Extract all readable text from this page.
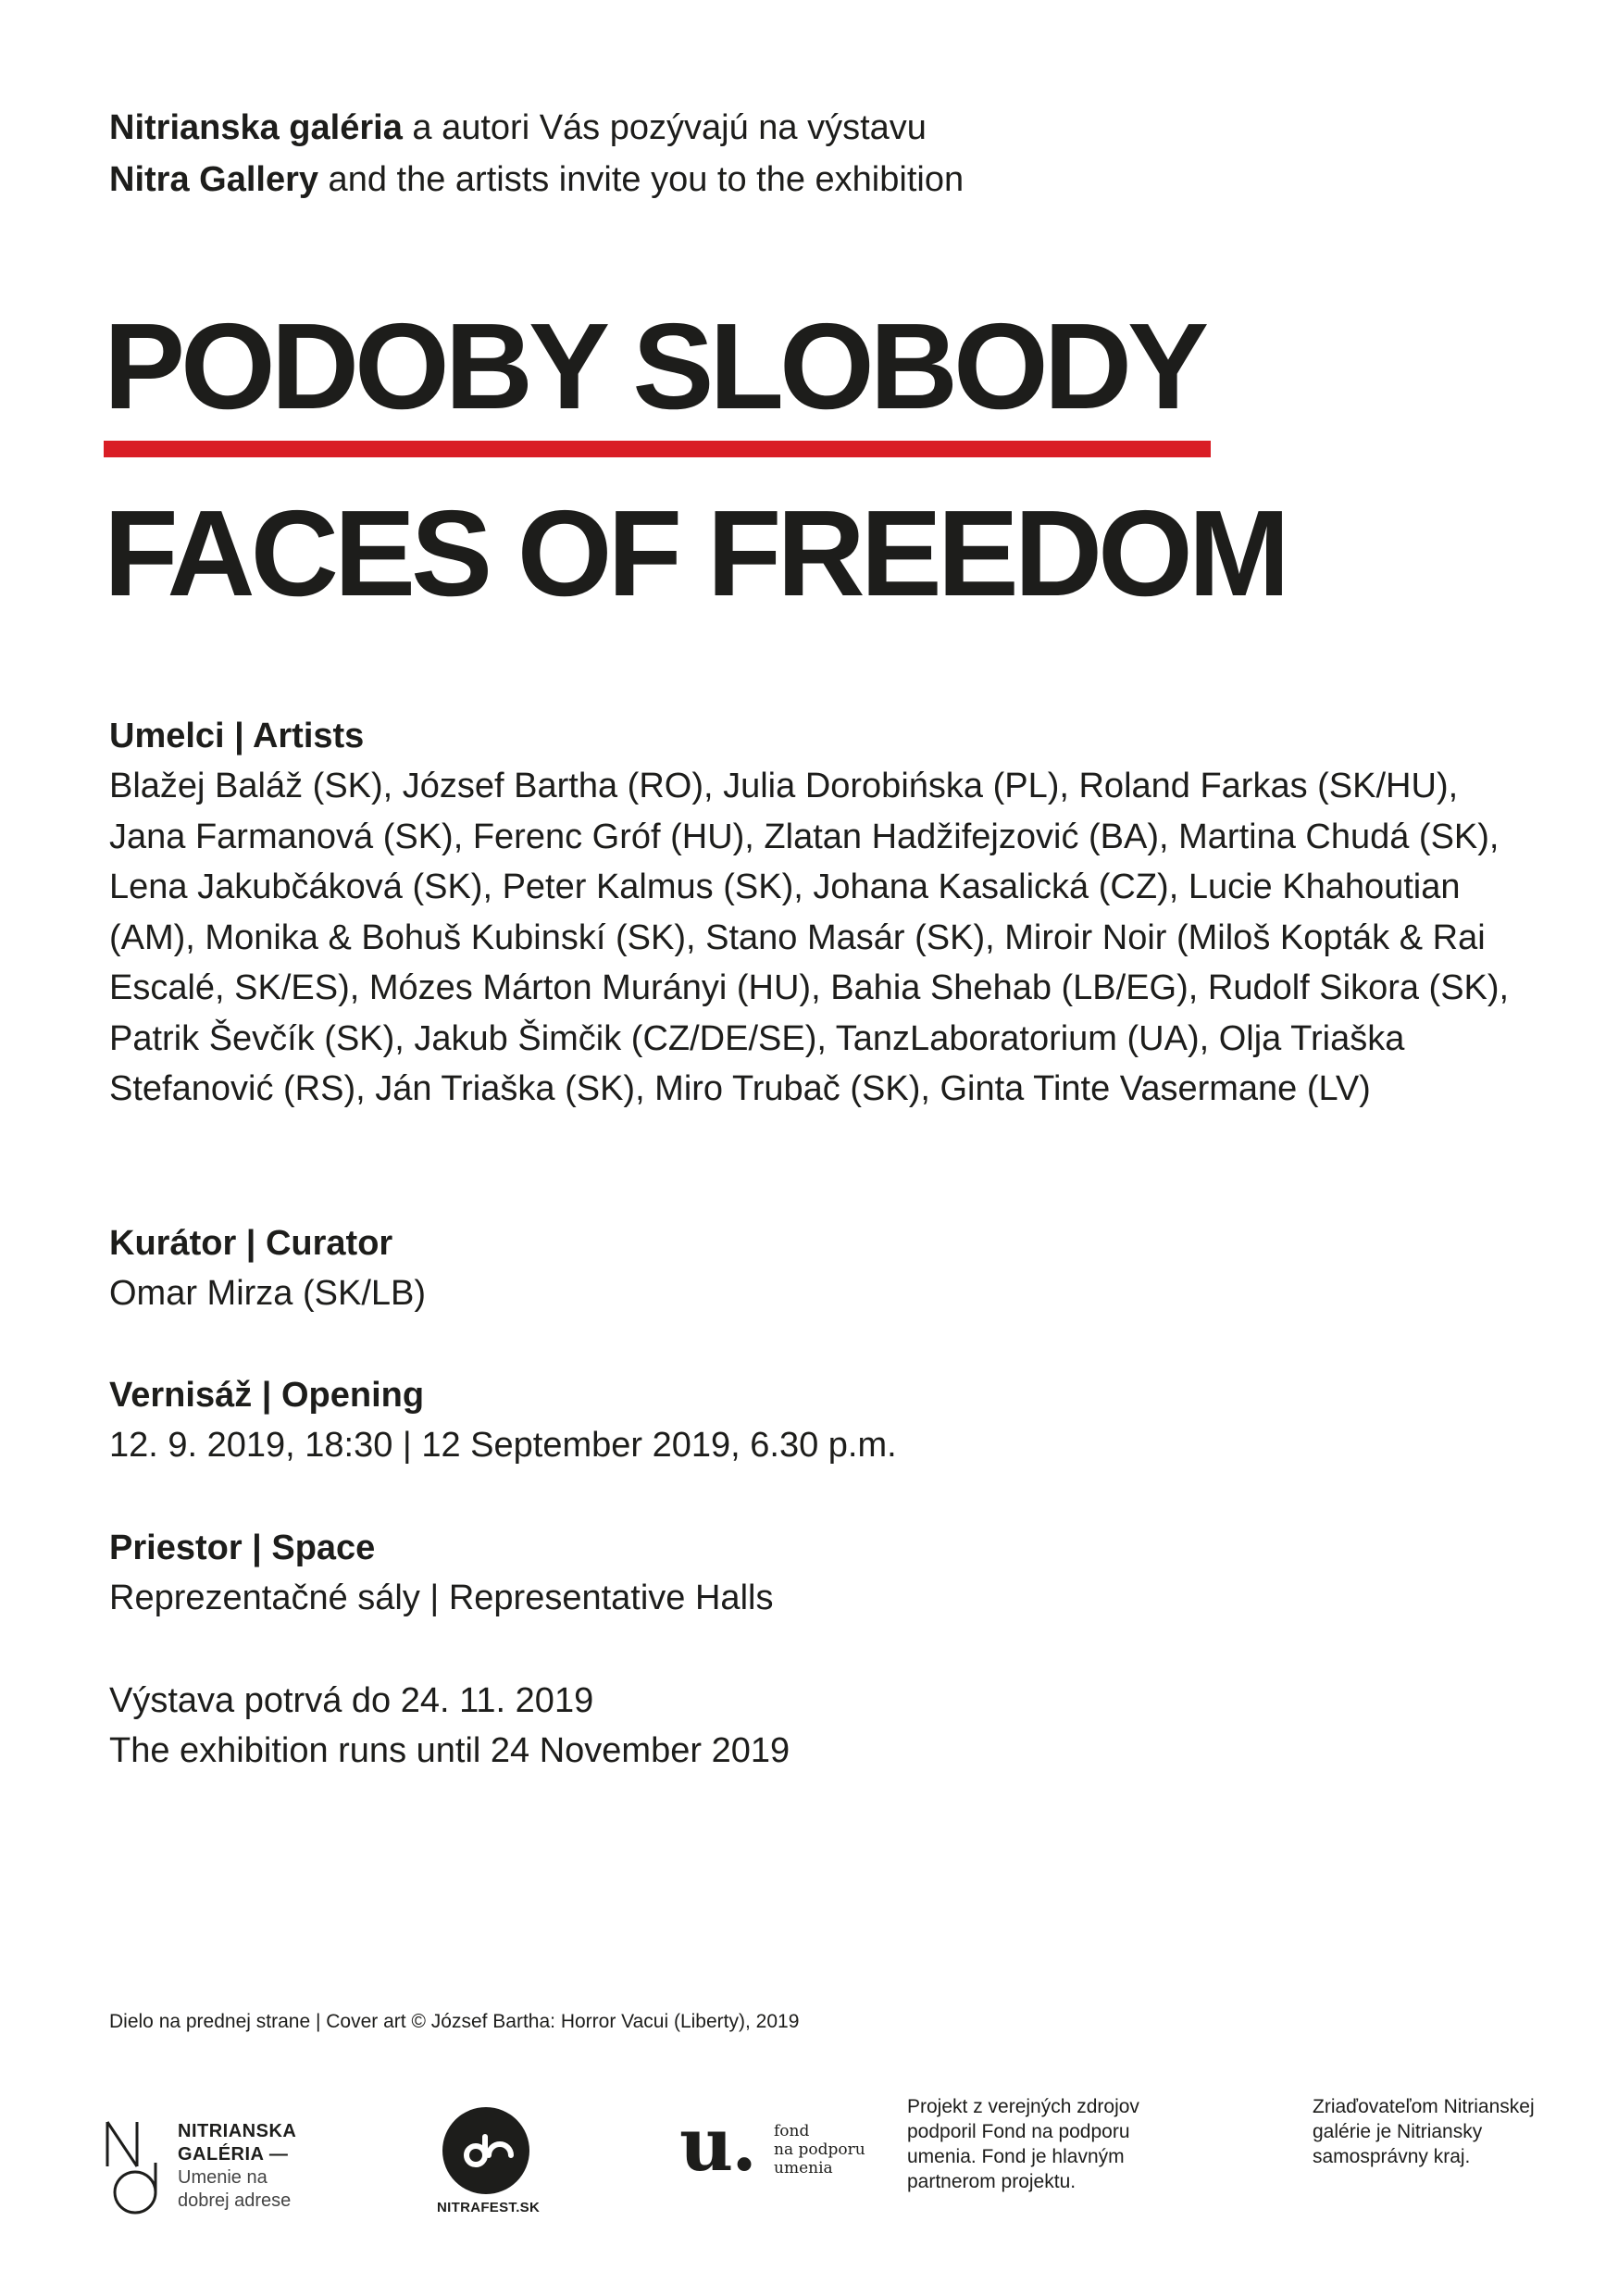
Nitrianska galéria a autori Vás pozývajú na výstavu
Nitra Gallery and the artists invite you to the exhibition
PODOBY SLOBODY
FACES OF FREEDOM
Umelci | Artists
Blažej Baláž (SK), József Bartha (RO), Julia Dorobińska (PL), Roland Farkas (SK/HU), Jana Farmanová (SK), Ferenc Gróf (HU), Zlatan Hadžifejzović (BA), Martina Chudá (SK), Lena Jakubčáková (SK), Peter Kalmus (SK), Johana Kasalická (CZ), Lucie Khahoutian (AM), Monika & Bohuš Kubinskí (SK), Stano Masár (SK), Miroir Noir (Miloš Kopták & Rai Escalé, SK/ES), Mózes Márton Murányi (HU), Bahia Shehab (LB/EG), Rudolf Sikora (SK), Patrik Ševčík (SK), Jakub Šimčik (CZ/DE/SE), TanzLaboratorium (UA), Olja Triaška Stefanović (RS), Ján Triaška (SK), Miro Trubač (SK), Ginta Tinte Vasermane (LV)
Kurátor | Curator
Omar Mirza (SK/LB)
Vernisáž | Opening
12. 9. 2019, 18:30 | 12 September 2019, 6.30 p.m.
Priestor | Space
Reprezentačné sály | Representative Halls
Výstava potrvá do 24. 11. 2019
The exhibition runs until 24 November 2019
Dielo na prednej strane | Cover art © József Bartha: Horror Vacui (Liberty), 2019
NITRIANSKA
GALÉRIA —
Umenie na
dobrej adrese	NITRAFEST.SK
u. fond
na podporu
umenia
Projekt z verejných zdrojov podporil Fond na podporu umenia. Fond je hlavným partnerom projektu.
Zriaďovateľom Nitrianskej galérie je Nitriansky samosprávny kraj.
